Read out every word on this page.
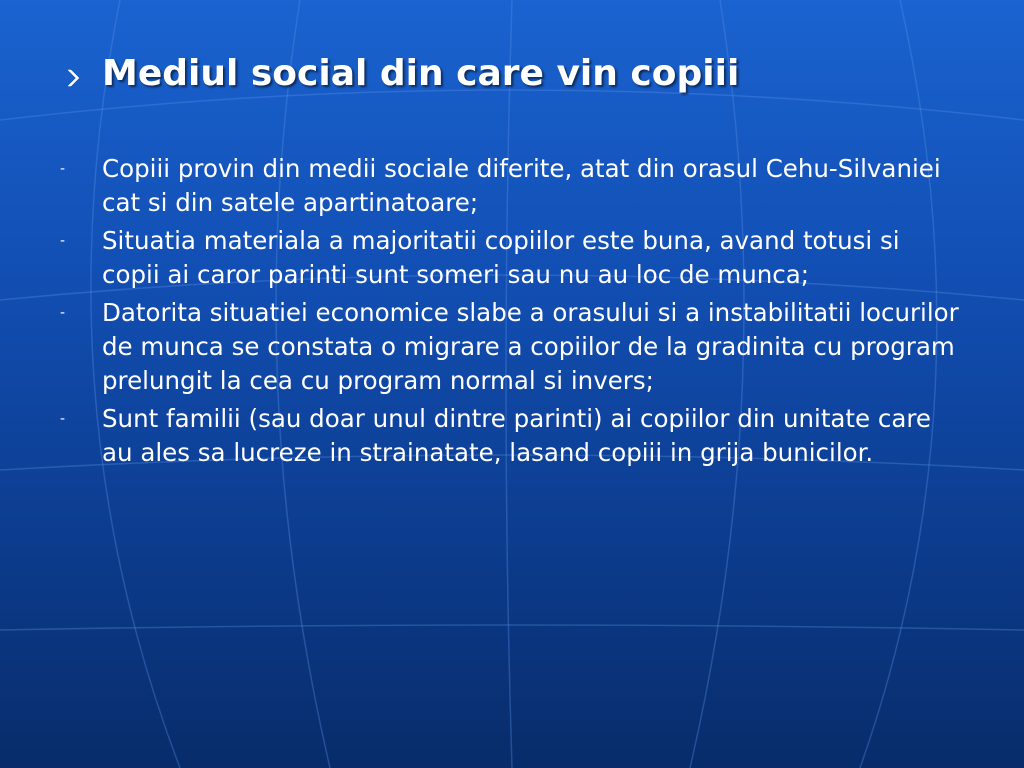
Mediul social din care vin copiii
- Copiii provin din medii sociale diferite, atat din orasul Cehu-Silvaniei cat si din satele apartinatoare;
- Situatia materiala a majoritatii copiilor este buna, avand totusi si copii ai caror parinti sunt someri sau nu au loc de munca;
- Datorita situatiei economice slabe a orasului si a instabilitatii locurilor de munca se constata o migrare a copiilor de la gradinita cu program prelungit la cea cu program normal si invers;
- Sunt familii (sau doar unul dintre parinti) ai copiilor din unitate care au ales sa lucreze in strainatate, lasand copiii in grija bunicilor.
